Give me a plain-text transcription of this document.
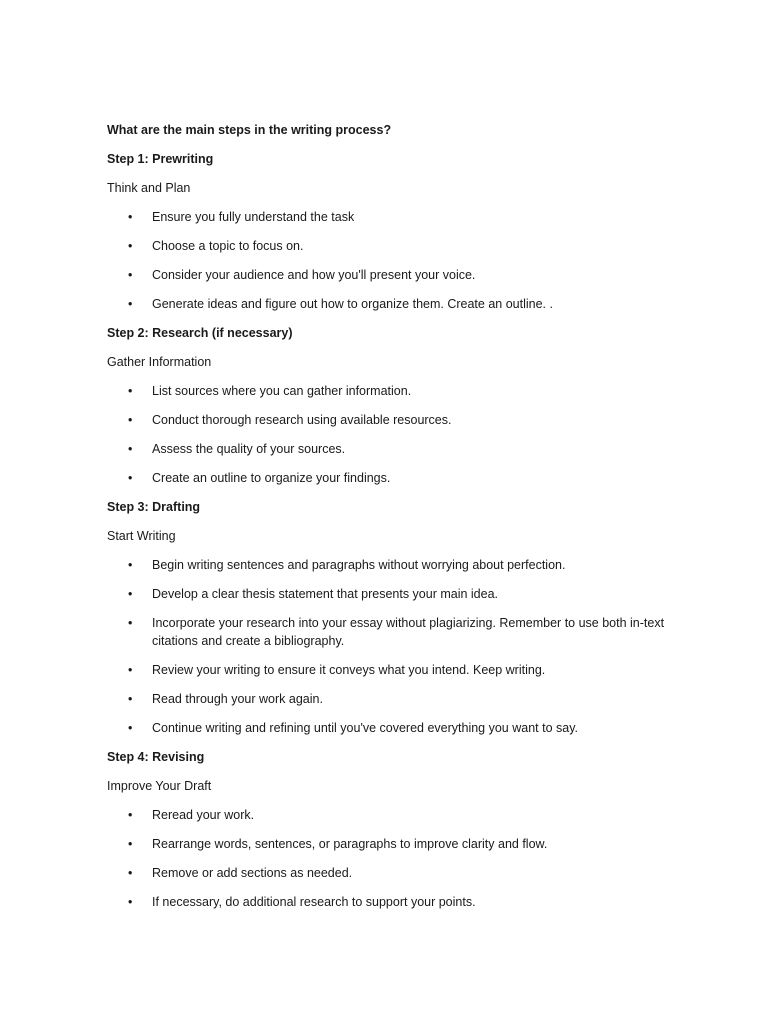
What are the main steps in the writing process?

Step 1: Prewriting

Think and Plan

• Ensure you fully understand the task
• Choose a topic to focus on.
• Consider your audience and how you'll present your voice.
• Generate ideas and figure out how to organize them. Create an outline. .

Step 2: Research (if necessary)

Gather Information

• List sources where you can gather information.
• Conduct thorough research using available resources.
• Assess the quality of your sources.
• Create an outline to organize your findings.

Step 3: Drafting

Start Writing

• Begin writing sentences and paragraphs without worrying about perfection.
• Develop a clear thesis statement that presents your main idea.
• Incorporate your research into your essay without plagiarizing. Remember to use both in-text citations and create a bibliography.
• Review your writing to ensure it conveys what you intend. Keep writing.
• Read through your work again.
• Continue writing and refining until you've covered everything you want to say.

Step 4: Revising

Improve Your Draft

• Reread your work.
• Rearrange words, sentences, or paragraphs to improve clarity and flow.
• Remove or add sections as needed.
• If necessary, do additional research to support your points.
